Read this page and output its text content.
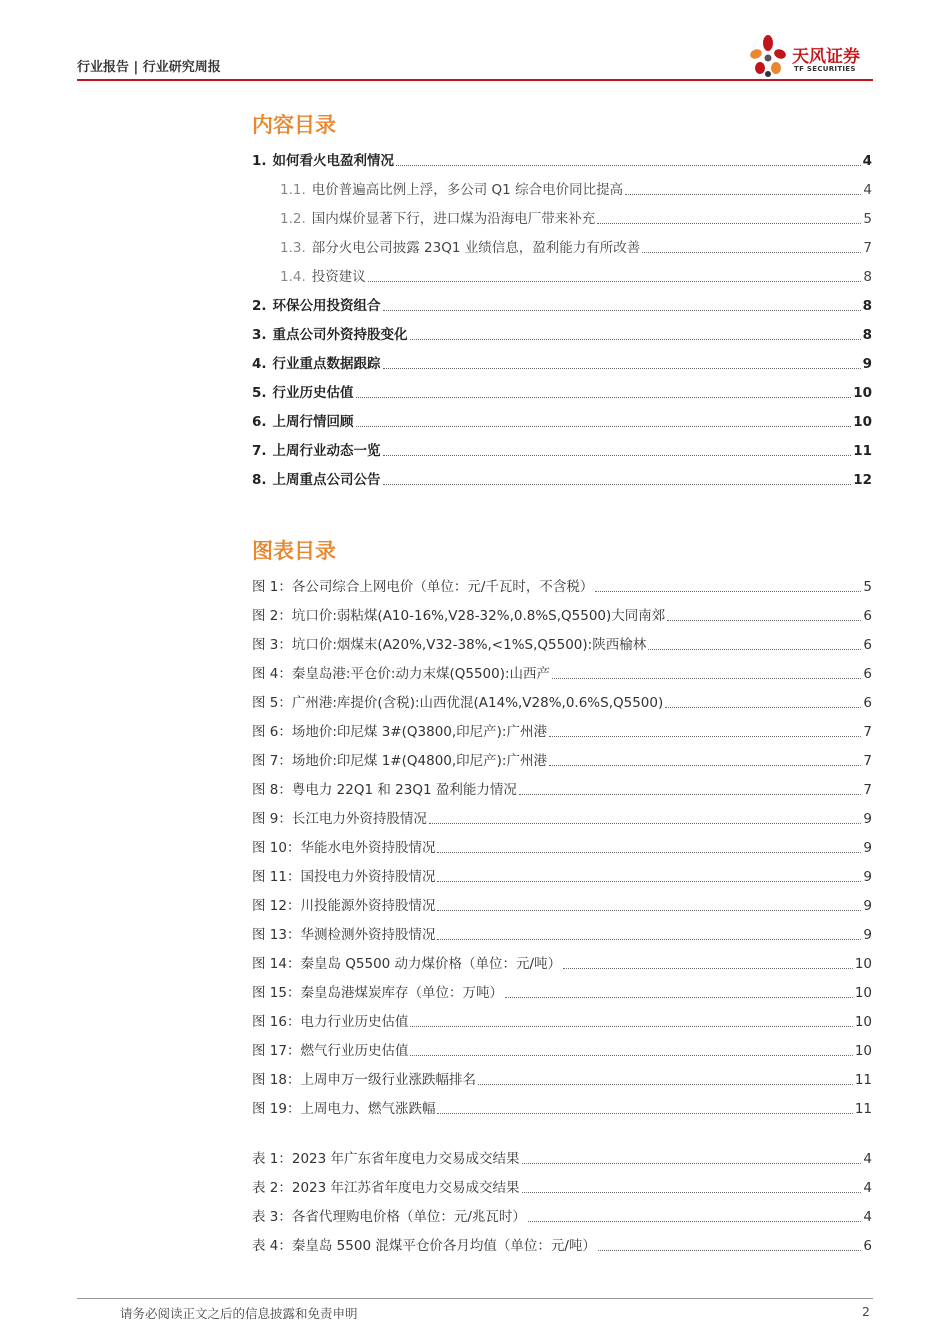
行业报告 | 行业研究周报
天风证券
TF SECURITIES
内容目录
1. 如何看火电盈利情况	4
1.1. 电价普遍高比例上浮，多公司 Q1 综合电价同比提高	4
1.2. 国内煤价显著下行，进口煤为沿海电厂带来补充	5
1.3. 部分火电公司披露 23Q1 业绩信息，盈利能力有所改善	7
1.4. 投资建议	8
2. 环保公用投资组合	8
3. 重点公司外资持股变化	8
4. 行业重点数据跟踪	9
5. 行业历史估值	10
6. 上周行情回顾	10
7. 上周行业动态一览	11
8. 上周重点公司公告	12
图表目录
图 1：各公司综合上网电价（单位：元/千瓦时，不含税）	5
图 2：坑口价:弱粘煤(A10-16%,V28-32%,0.8%S,Q5500)大同南郊	6
图 3：坑口价:烟煤末(A20%,V32-38%,<1%S,Q5500):陕西榆林	6
图 4：秦皇岛港:平仓价:动力末煤(Q5500):山西产	6
图 5：广州港:库提价(含税):山西优混(A14%,V28%,0.6%S,Q5500)	6
图 6：场地价:印尼煤 3#(Q3800,印尼产):广州港	7
图 7：场地价:印尼煤 1#(Q4800,印尼产):广州港	7
图 8：粤电力 22Q1 和 23Q1 盈利能力情况	7
图 9：长江电力外资持股情况	9
图 10：华能水电外资持股情况	9
图 11：国投电力外资持股情况	9
图 12：川投能源外资持股情况	9
图 13：华测检测外资持股情况	9
图 14：秦皇岛 Q5500 动力煤价格（单位：元/吨）	10
图 15：秦皇岛港煤炭库存（单位：万吨）	10
图 16：电力行业历史估值	10
图 17：燃气行业历史估值	10
图 18：上周申万一级行业涨跌幅排名	11
图 19：上周电力、燃气涨跌幅	11
表 1：2023 年广东省年度电力交易成交结果	4
表 2：2023 年江苏省年度电力交易成交结果	4
表 3：各省代理购电价格（单位：元/兆瓦时）	4
表 4：秦皇岛 5500 混煤平仓价各月均值（单位：元/吨）	6
请务必阅读正文之后的信息披露和免责申明	2
